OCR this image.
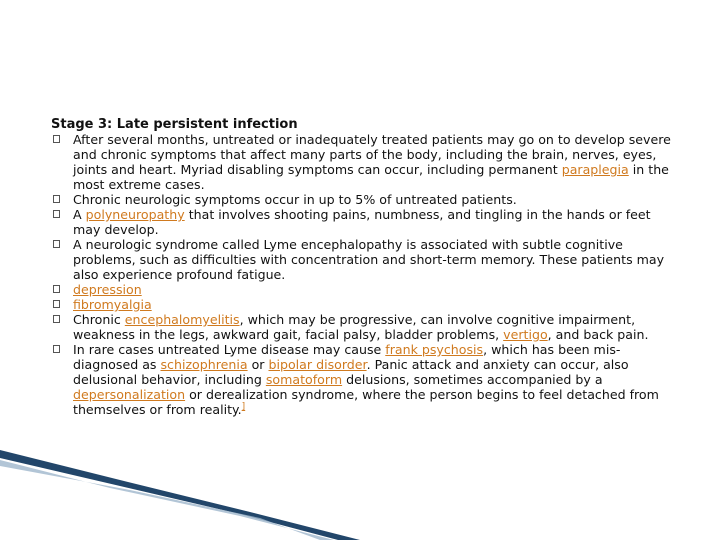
Stage 3: Late persistent infection

After several months, untreated or inadequately treated patients may go on to develop severe and chronic symptoms that affect many parts of the body, including the brain, nerves, eyes, joints and heart. Myriad disabling symptoms can occur, including permanent paraplegia in the most extreme cases.
Chronic neurologic symptoms occur in up to 5% of untreated patients.
A polyneuropathy that involves shooting pains, numbness, and tingling in the hands or feet may develop.
A neurologic syndrome called Lyme encephalopathy is associated with subtle cognitive problems, such as difficulties with concentration and short-term memory. These patients may also experience profound fatigue.
depression
fibromyalgia
Chronic encephalomyelitis, which may be progressive, can involve cognitive impairment, weakness in the legs, awkward gait, facial palsy, bladder problems, vertigo, and back pain.
In rare cases untreated Lyme disease may cause frank psychosis, which has been mis-diagnosed as schizophrenia or bipolar disorder. Panic attack and anxiety can occur, also delusional behavior, including somatoform delusions, sometimes accompanied by a depersonalization or derealization syndrome, where the person begins to feel detached from themselves or from reality.]
